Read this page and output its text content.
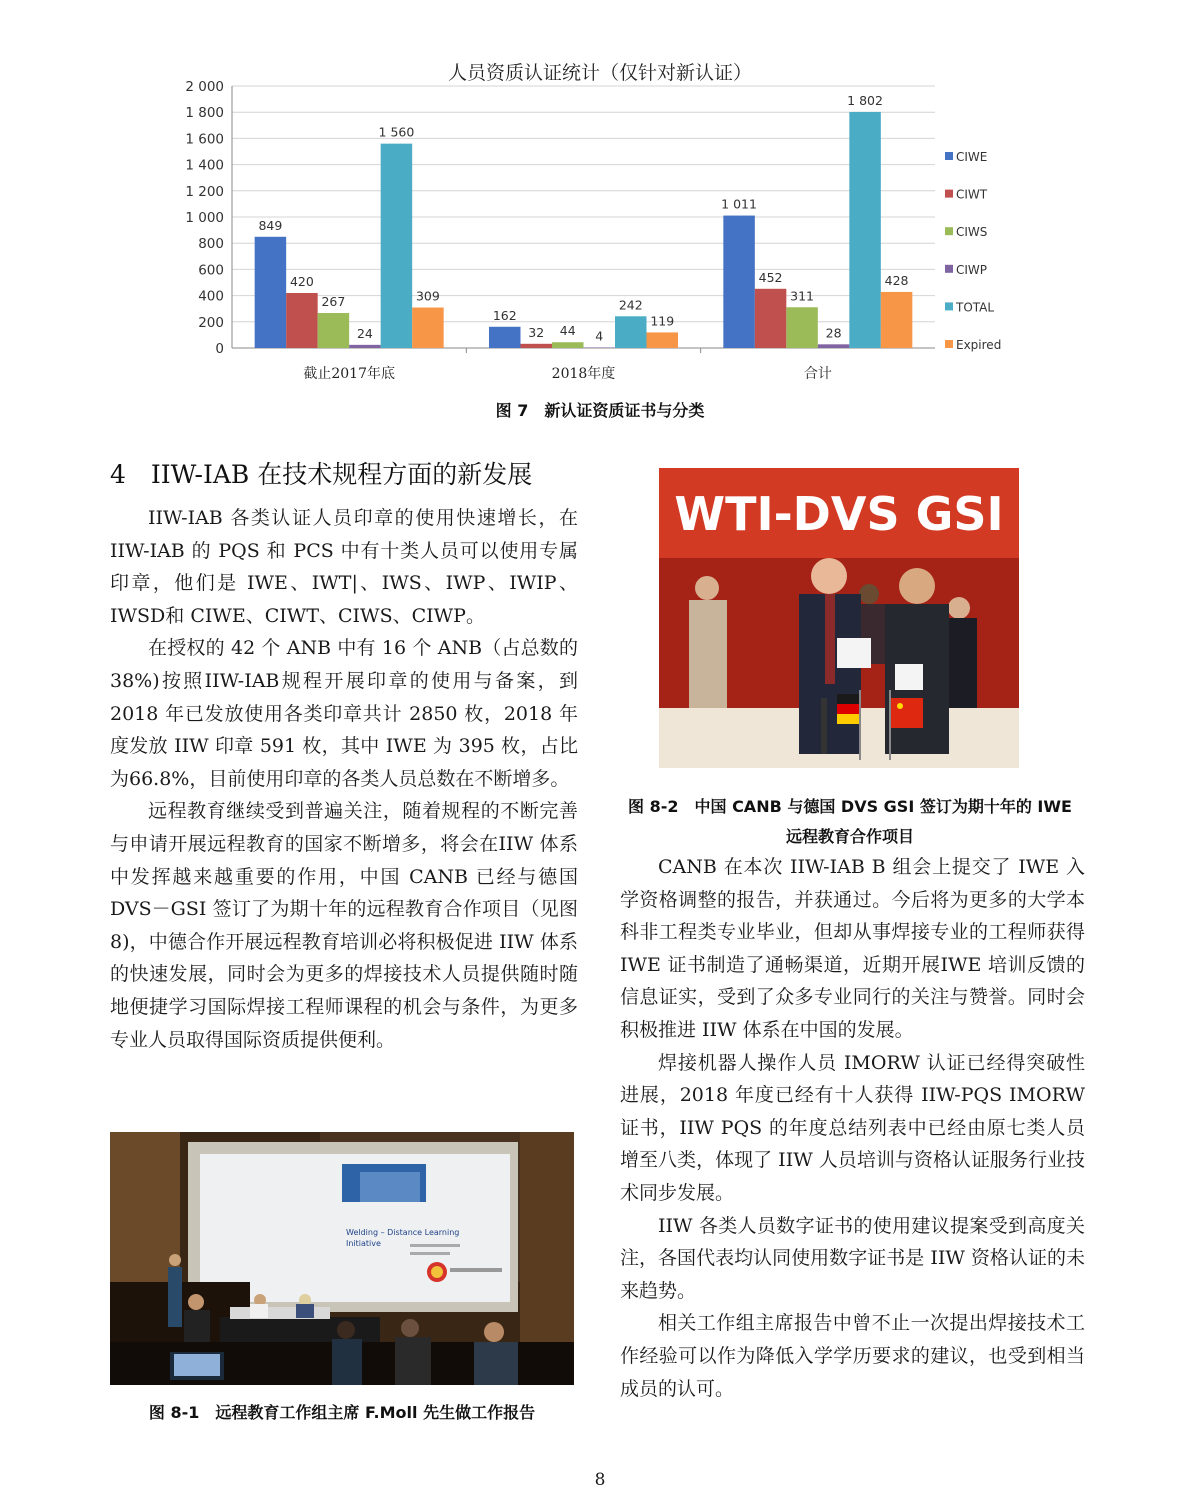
人员资质认证统计（仅针对新认证）
0
200
400
600
800
1 000
1 200
1 400
1 600
1 800
2 000
849
420
267
24
1 560
309
截止2017年底
162
32 44 4
242
119
2018年度
1 011
452
311
28
1 802
428
合计
CIWE
CIWT
CIWS
CIWP
TOTAL
Expired
图 7　新认证资质证书与分类
4　IIW-IAB 在技术规程方面的新发展

IIW-IAB 各类认证人员印章的使用快速增长，在IIW-IAB 的 PQS 和 PCS 中有十类人员可以使用专属印章，他们是 IWE、IWT|、IWS、IWP、IWIP、IWSD和 CIWE、CIWT、CIWS、CIWP。

在授权的 42 个 ANB 中有 16 个 ANB（占总数的38%)按照IIW-IAB规程开展印章的使用与备案，到 2018 年已发放使用各类印章共计 2850 枚，2018 年度发放 IIW 印章 591 枚，其中 IWE 为 395 枚，占比为66.8%，目前使用印章的各类人员总数在不断增多。

远程教育继续受到普遍关注，随着规程的不断完善与申请开展远程教育的国家不断增多，将会在IIW 体系中发挥越来越重要的作用，中国 CANB 已经与德国 DVS－GSI 签订了为期十年的远程教育合作项目（见图 8)，中德合作开展远程教育培训必将积极促进 IIW 体系的快速发展，同时会为更多的焊接技术人员提供随时随地便捷学习国际焊接工程师课程的机会与条件，为更多专业人员取得国际资质提供便利。

Welding – Distance Learning
Initiative
图 8-1　远程教育工作组主席 F.Moll 先生做工作报告
WTI-DVS GSI
图 8-2　中国 CANB 与德国 DVS GSI 签订为期十年的 IWE
远程教育合作项目

CANB 在本次 IIW-IAB B 组会上提交了 IWE 入学资格调整的报告，并获通过。今后将为更多的大学本科非工程类专业毕业，但却从事焊接专业的工程师获得 IWE 证书制造了通畅渠道，近期开展IWE 培训反馈的信息证实，受到了众多专业同行的关注与赞誉。同时会积极推进 IIW 体系在中国的发展。

焊接机器人操作人员 IMORW 认证已经得突破性进展，2018 年度已经有十人获得 IIW-PQS IMORW 证书，IIW PQS 的年度总结列表中已经由原七类人员增至八类，体现了 IIW 人员培训与资格认证服务行业技术同步发展。

IIW 各类人员数字证书的使用建议提案受到高度关注，各国代表均认同使用数字证书是 IIW 资格认证的未来趋势。

相关工作组主席报告中曾不止一次提出焊接技术工作经验可以作为降低入学学历要求的建议，也受到相当成员的认可。

8
